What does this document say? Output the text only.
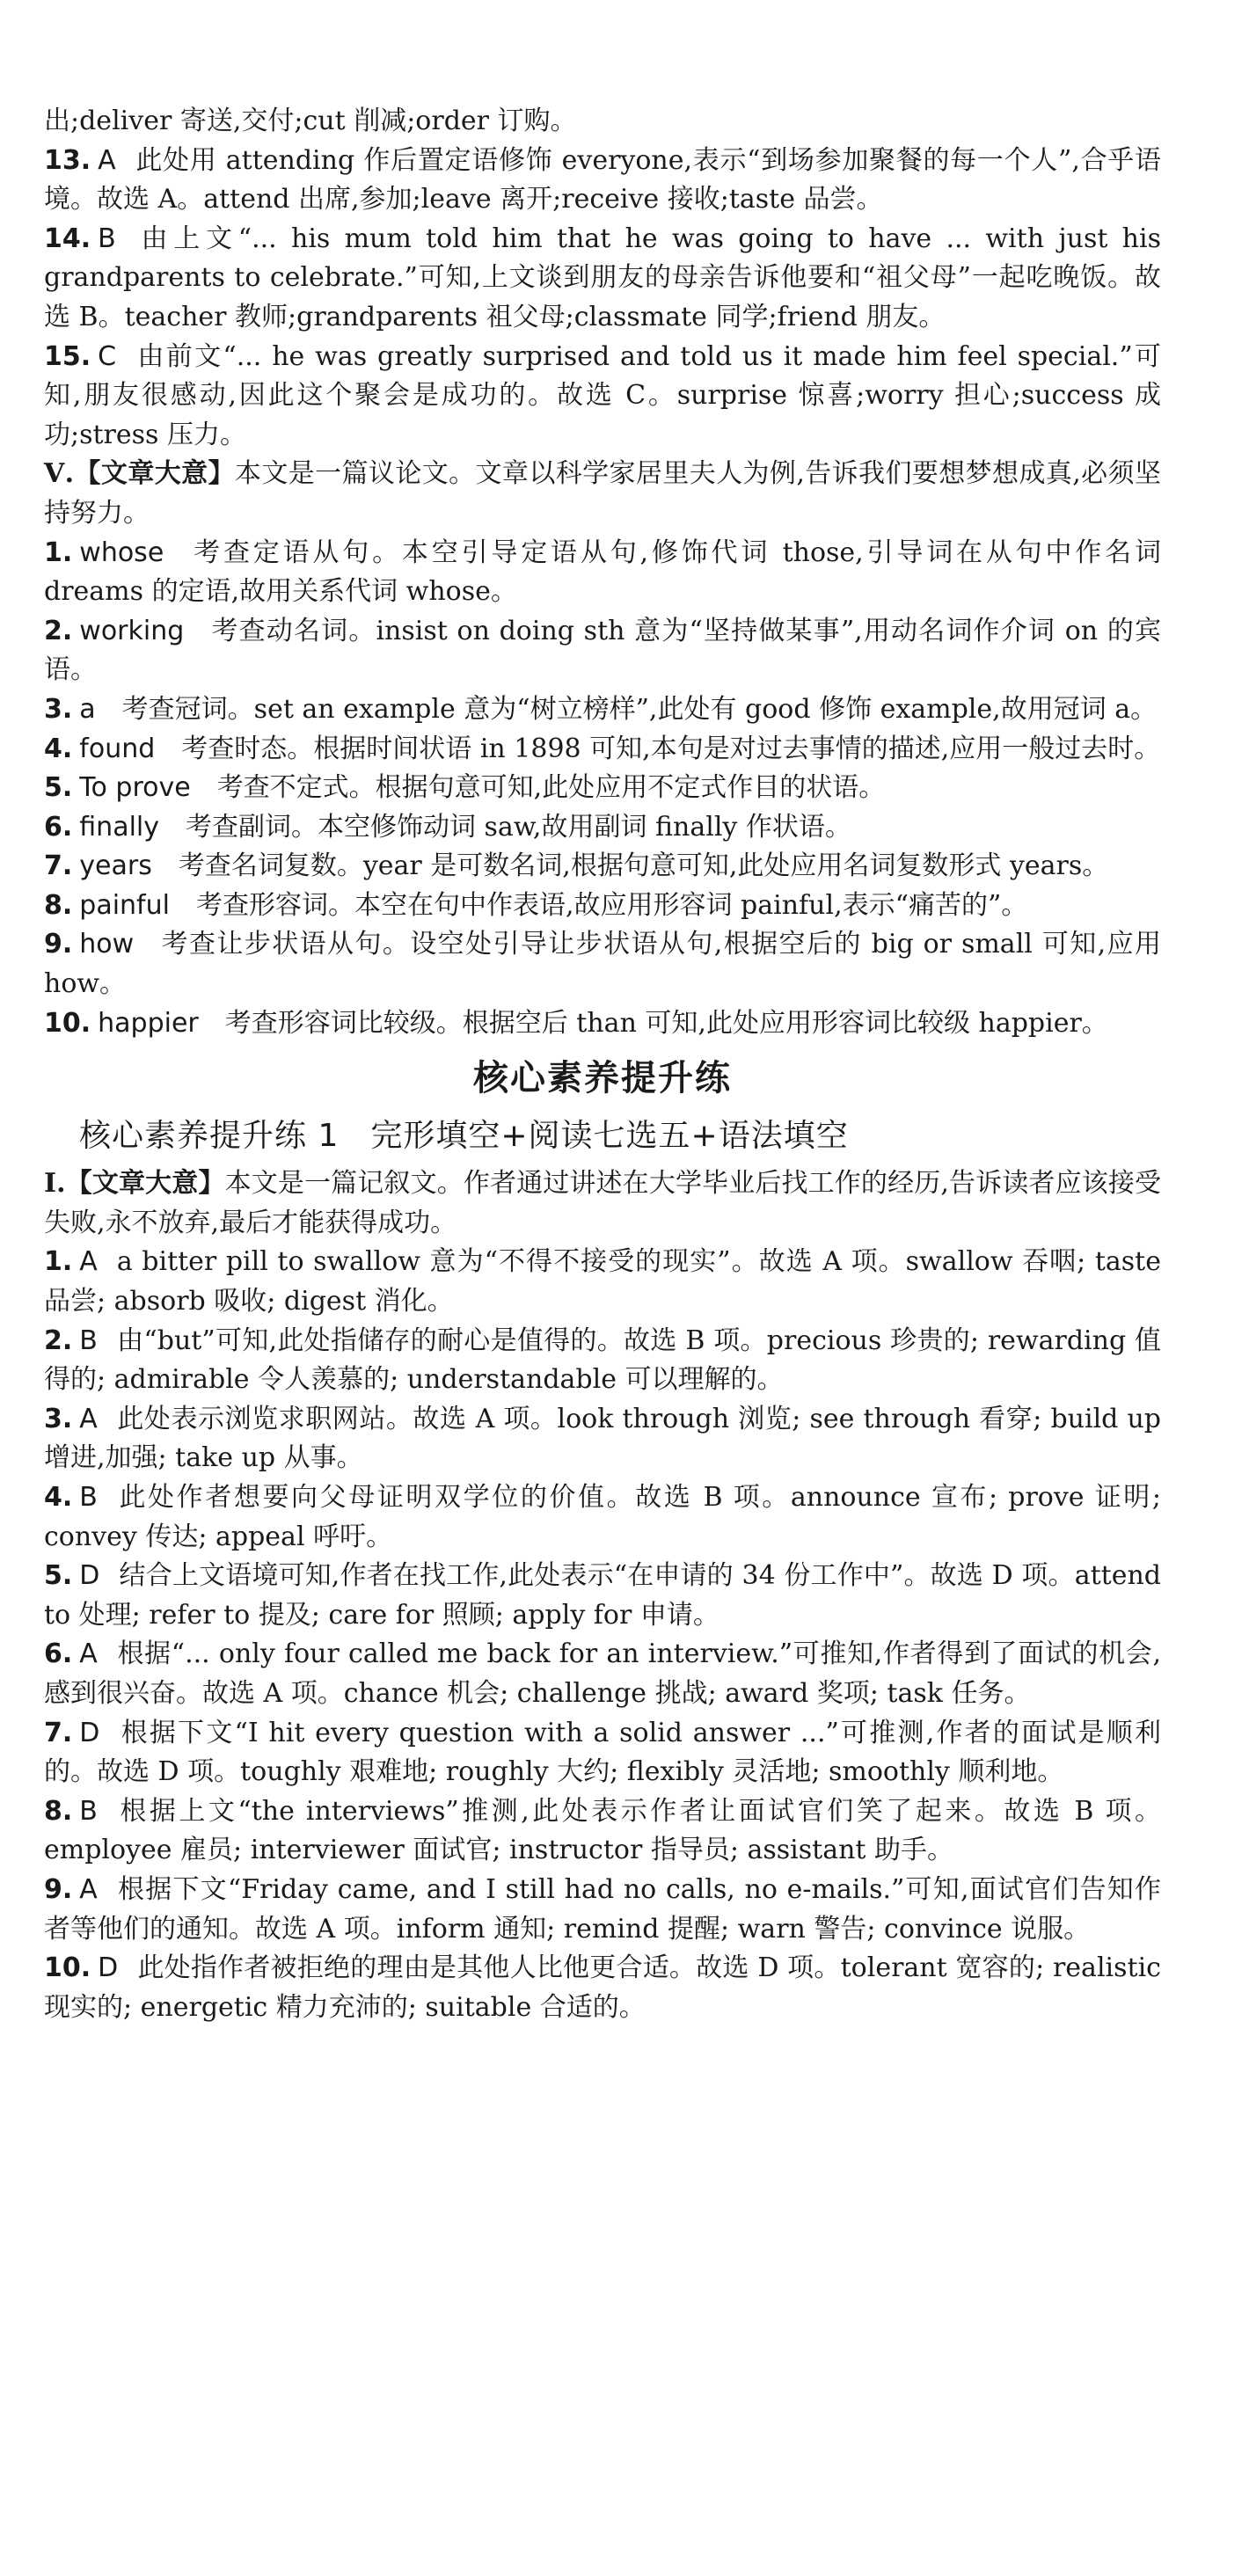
出;deliver 寄送,交付;cut 削减;order 订购。

13. A 此处用 attending 作后置定语修饰 everyone,表示“到场参加聚餐的每一个人”,合乎语境。故选 A。attend 出席,参加;leave 离开;receive 接收;taste 品尝。

14. B 由上文“... his mum told him that he was going to have ... with just his grandparents to celebrate.”可知,上文谈到朋友的母亲告诉他要和“祖父母”一起吃晚饭。故选 B。teacher 教师;grandparents 祖父母;classmate 同学;friend 朋友。

15. C 由前文“... he was greatly surprised and told us it made him feel special.”可知,朋友很感动,因此这个聚会是成功的。故选 C。surprise 惊喜;worry 担心;success 成功;stress 压力。

Ⅴ.【文章大意】本文是一篇议论文。文章以科学家居里夫人为例,告诉我们要想梦想成真,必须坚持努力。

1. whose 考查定语从句。本空引导定语从句,修饰代词 those,引导词在从句中作名词 dreams 的定语,故用关系代词 whose。

2. working 考查动名词。insist on doing sth 意为“坚持做某事”,用动名词作介词 on 的宾语。

3. a 考查冠词。set an example 意为“树立榜样”,此处有 good 修饰 example,故用冠词 a。

4. found 考查时态。根据时间状语 in 1898 可知,本句是对过去事情的描述,应用一般过去时。

5. To prove 考查不定式。根据句意可知,此处应用不定式作目的状语。

6. finally 考查副词。本空修饰动词 saw,故用副词 finally 作状语。

7. years 考查名词复数。year 是可数名词,根据句意可知,此处应用名词复数形式 years。

8. painful 考查形容词。本空在句中作表语,故应用形容词 painful,表示“痛苦的”。

9. how 考查让步状语从句。设空处引导让步状语从句,根据空后的 big or small 可知,应用 how。

10. happier 考查形容词比较级。根据空后 than 可知,此处应用形容词比较级 happier。

核心素养提升练
核心素养提升练 1 完形填空+阅读七选五+语法填空

Ⅰ.【文章大意】本文是一篇记叙文。作者通过讲述在大学毕业后找工作的经历,告诉读者应该接受失败,永不放弃,最后才能获得成功。

1. A a bitter pill to swallow 意为“不得不接受的现实”。故选 A 项。swallow 吞咽; taste 品尝; absorb 吸收; digest 消化。

2. B 由“but”可知,此处指储存的耐心是值得的。故选 B 项。precious 珍贵的; rewarding 值得的; admirable 令人羡慕的; understandable 可以理解的。

3. A 此处表示浏览求职网站。故选 A 项。look through 浏览; see through 看穿; build up 增进,加强; take up 从事。

4. B 此处作者想要向父母证明双学位的价值。故选 B 项。announce 宣布; prove 证明; convey 传达; appeal 呼吁。

5. D 结合上文语境可知,作者在找工作,此处表示“在申请的 34 份工作中”。故选 D 项。attend to 处理; refer to 提及; care for 照顾; apply for 申请。

6. A 根据“... only four called me back for an interview.”可推知,作者得到了面试的机会,感到很兴奋。故选 A 项。chance 机会; challenge 挑战; award 奖项; task 任务。

7. D 根据下文“I hit every question with a solid answer ...”可推测,作者的面试是顺利的。故选 D 项。toughly 艰难地; roughly 大约; flexibly 灵活地; smoothly 顺利地。

8. B 根据上文“the interviews”推测,此处表示作者让面试官们笑了起来。故选 B 项。employee 雇员; interviewer 面试官; instructor 指导员; assistant 助手。

9. A 根据下文“Friday came, and I still had no calls, no e-mails.”可知,面试官们告知作者等他们的通知。故选 A 项。inform 通知; remind 提醒; warn 警告; convince 说服。

10. D 此处指作者被拒绝的理由是其他人比他更合适。故选 D 项。tolerant 宽容的; realistic 现实的; energetic 精力充沛的; suitable 合适的。
